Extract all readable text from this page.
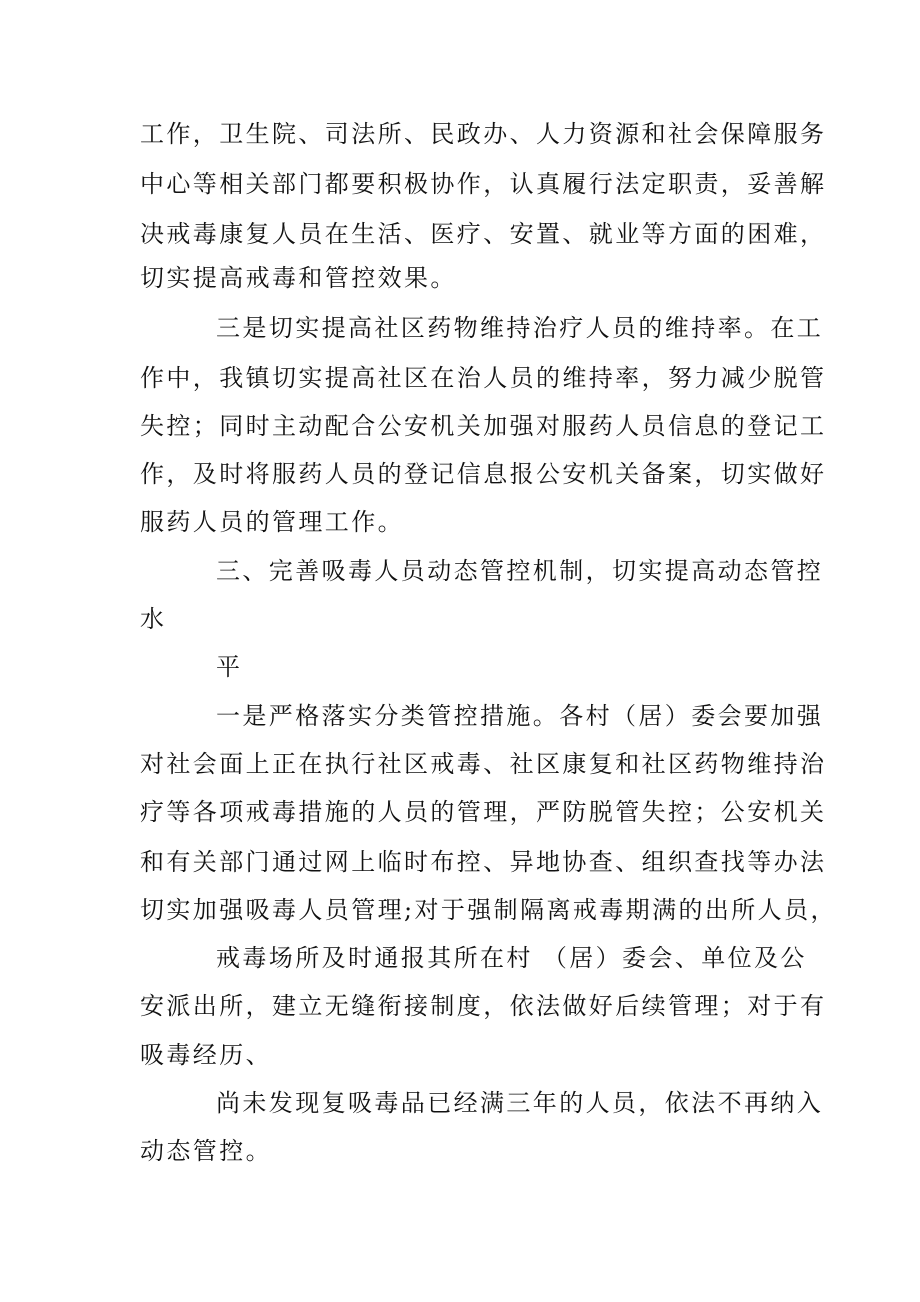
工作，卫生院、司法所、民政办、人力资源和社会保障服务
中心等相关部门都要积极协作，认真履行法定职责，妥善解
决戒毒康复人员在生活、医疗、安置、就业等方面的困难，
切实提高戒毒和管控效果。
三是切实提高社区药物维持治疗人员的维持率。在工
作中，我镇切实提高社区在治人员的维持率，努力减少脱管
失控；同时主动配合公安机关加强对服药人员信息的登记工
作，及时将服药人员的登记信息报公安机关备案，切实做好
服药人员的管理工作。
三、完善吸毒人员动态管控机制，切实提高动态管控
水
平
一是严格落实分类管控措施。各村（居）委会要加强
对社会面上正在执行社区戒毒、社区康复和社区药物维持治
疗等各项戒毒措施的人员的管理，严防脱管失控；公安机关
和有关部门通过网上临时布控、异地协查、组织查找等办法
切实加强吸毒人员管理;对于强制隔离戒毒期满的出所人员，
戒毒场所及时通报其所在村 （居）委会、单位及公
安派出所，建立无缝衔接制度，依法做好后续管理；对于有
吸毒经历、
尚未发现复吸毒品已经满三年的人员，依法不再纳入
动态管控。
